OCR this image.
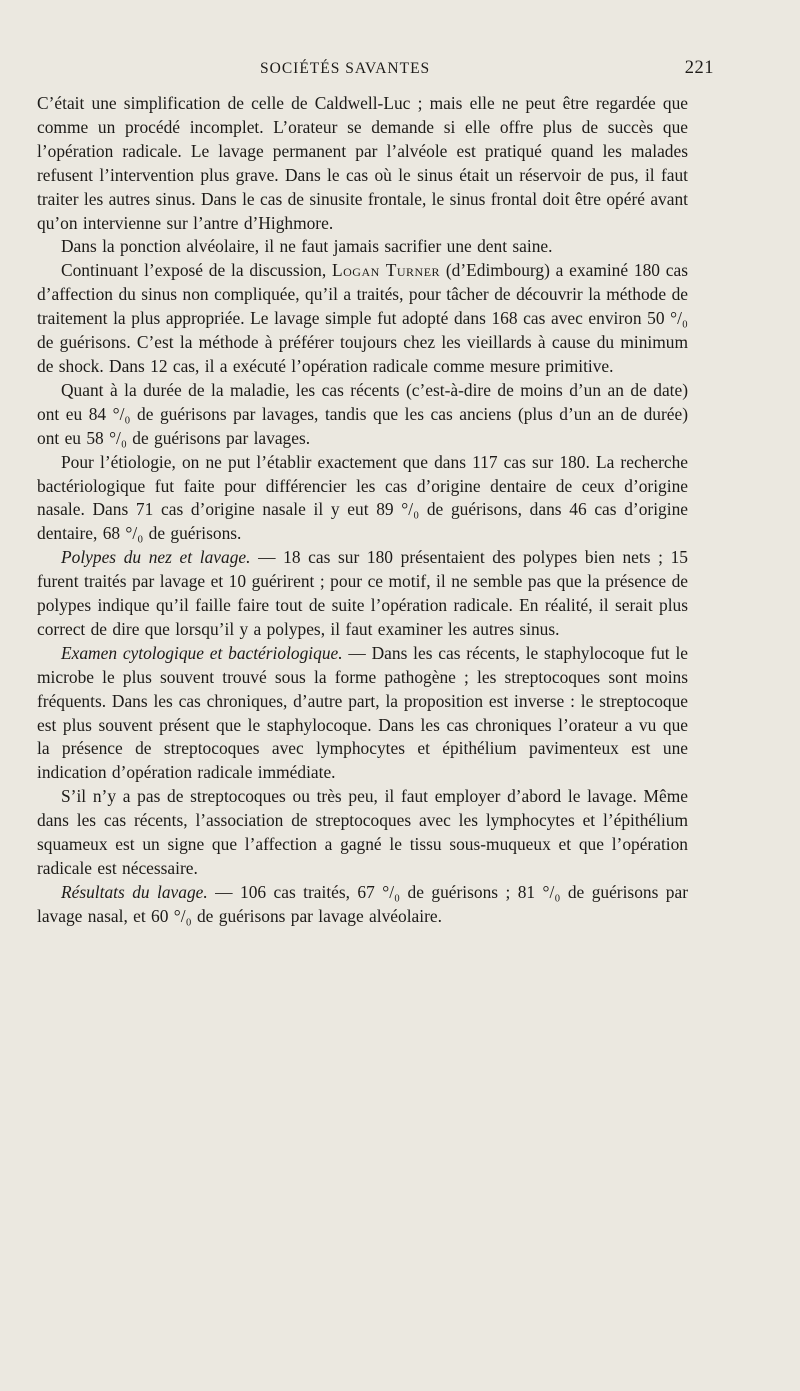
SOCIÉTÉS SAVANTES	221

C’était une simplification de celle de Caldwell-Luc ; mais elle ne peut être regardée que comme un procédé incomplet. L’orateur se demande si elle offre plus de succès que l’opération radicale. Le lavage permanent par l’alvéole est pratiqué quand les malades refusent l’intervention plus grave. Dans le cas où le sinus était un réservoir de pus, il faut traiter les autres sinus. Dans le cas de sinusite frontale, le sinus frontal doit être opéré avant qu’on intervienne sur l’antre d’Highmore.

Dans la ponction alvéolaire, il ne faut jamais sacrifier une dent saine.

Continuant l’exposé de la discussion, Logan Turner (d’Edimbourg) a examiné 180 cas d’affection du sinus non compliquée, qu’il a traités, pour tâcher de découvrir la méthode de traitement la plus appropriée. Le lavage simple fut adopté dans 168 cas avec environ 50 °/₀ de guérisons. C’est la méthode à préférer toujours chez les vieillards à cause du minimum de shock. Dans 12 cas, il a exécuté l’opération radicale comme mesure primitive.

Quant à la durée de la maladie, les cas récents (c’est-à-dire de moins d’un an de date) ont eu 84 °/₀ de guérisons par lavages, tandis que les cas anciens (plus d’un an de durée) ont eu 58 °/₀ de guérisons par lavages.

Pour l’étiologie, on ne put l’établir exactement que dans 117 cas sur 180. La recherche bactériologique fut faite pour différencier les cas d’origine dentaire de ceux d’origine nasale. Dans 71 cas d’origine nasale il y eut 89 °/₀ de guérisons, dans 46 cas d’origine dentaire, 68 °/₀ de guérisons.

Polypes du nez et lavage. — 18 cas sur 180 présentaient des polypes bien nets ; 15 furent traités par lavage et 10 guérirent ; pour ce motif, il ne semble pas que la présence de polypes indique qu’il faille faire tout de suite l’opération radicale. En réalité, il serait plus correct de dire que lorsqu’il y a polypes, il faut examiner les autres sinus.

Examen cytologique et bactériologique. — Dans les cas récents, le staphylocoque fut le microbe le plus souvent trouvé sous la forme pathogène ; les streptocoques sont moins fréquents. Dans les cas chroniques, d’autre part, la proposition est inverse : le streptocoque est plus souvent présent que le staphylocoque. Dans les cas chroniques l’orateur a vu que la présence de streptocoques avec lymphocytes et épithélium pavimenteux est une indication d’opération radicale immédiate.

S’il n’y a pas de streptocoques ou très peu, il faut employer d’abord le lavage. Même dans les cas récents, l’association de streptocoques avec les lymphocytes et l’épithélium squameux est un signe que l’affection a gagné le tissu sous-muqueux et que l’opération radicale est nécessaire.

Résultats du lavage. — 106 cas traités, 67 °/₀ de guérisons ; 81 °/₀ de guérisons par lavage nasal, et 60 °/₀ de guérisons par lavage alvéolaire.
